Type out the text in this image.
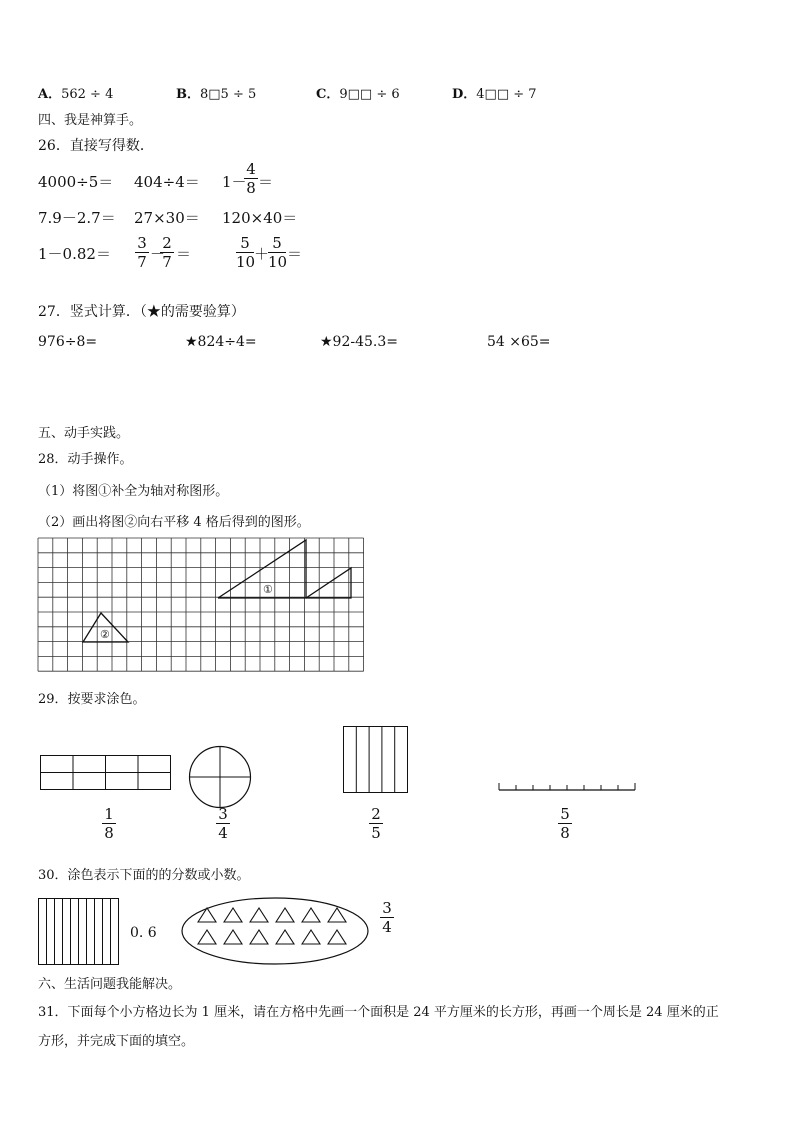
A．562 ÷ 4	B．8□5 ÷ 5	C．9□□ ÷ 6	D．4□□ ÷ 7
四、我是神算手。
26．直接写得数．
4000÷5＝ 404÷4＝ 1－
4
8 ＝
7.9－2.7＝ 27×30＝ 120×40＝
1－0.82＝
3
7 －
2
7 ＝
5
10
＋
5
10 ＝
27．竖式计算．（★的需要验算）
976÷8=	★824÷4=	★92-45.3=	54 ×65=
五、动手实践。
28．动手操作。
（1）将图①补全为轴对称图形。
（2）画出将图②向右平移 4 格后得到的图形。
①
②
29．按要求涂色。
1
8
3
4
2
5
5
8
30．涂色表示下面的的分数或小数。
0. 6
3
4
六、生活问题我能解决。
31．下面每个小方格边长为 1 厘米，请在方格中先画一个面积是 24 平方厘米的长方形，再画一个周长是 24 厘米的正
方形，并完成下面的填空。
